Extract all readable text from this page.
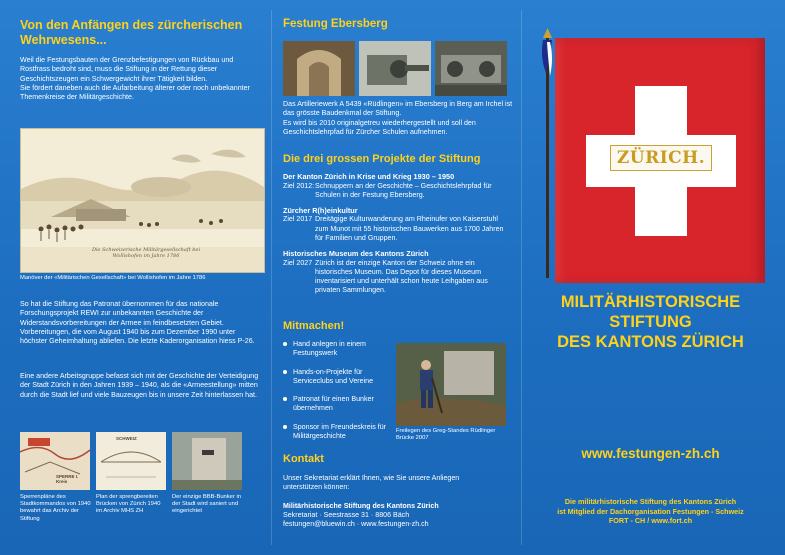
Von den Anfängen des zürcherischen Wehrwesens...

Weil die Festungsbauten der Grenzbefestigungen von Rückbau und Rostfrass bedroht sind, muss die Stiftung in der Rettung dieser Geschichtszeugen ein Schwergewicht ihrer Tätigkeit bilden.
Sie fördert daneben auch die Aufarbeitung älterer oder noch unbekannter Themenkreise der Militärgeschichte.

Die Schweizerische Militärgesellschaft bei Wollishofen im Jahre 1786
Manöver der «Militärischen Gesellschaft» bei Wollishofen im Jahre 1786

So hat die Stiftung das Patronat übernommen für das nationale Forschungsprojekt REWI zur unbekannten Geschichte der Widerstandsvorbereitungen der Armee im feindbesetzten Gebiet. Vorbereitungen, die vom August 1940 bis zum Dezember 1990 unter höchster Geheimhaltung abliefen. Die letzte Kaderorganisation hiess P-26.

Eine andere Arbeitsgruppe befasst sich mit der Geschichte der Verteidigung der Stadt Zürich in den Jahren 1939 – 1940, als die «Armeestellung» mitten durch die Stadt lief und viele Bauzeugen bis in unsere Zeit hinterlassen hat.

SPERRE I. Kreis
SCHWEIZ
Sperrenpläne des Stadtkommandos von 1940 bewahrt das Archiv der Stiftung
Plan der sprengbereiten Brücken von Zürich 1940 im Archiv MHS ZH
Der einzige BBB-Bunker in der Stadt wird saniert und eingerichtet
Festung Ebersberg

Das Artilleriewerk A 5439 «Rüdlingen» im Ebersberg in Berg am Irchel ist das grösste Baudenkmal der Stiftung.
Es wird bis 2010 originalgetreu wiederhergestellt und soll den Geschichtslehrpfad für Zürcher Schulen aufnehmen.

Die drei grossen Projekte der Stiftung
Der Kanton Zürich in Krise und Krieg 1930 – 1950
Ziel 2012: Schnuppern an der Geschichte – Geschichtslehrpfad für Schulen in der Festung Ebersberg.
Zürcher R(h)einkultur
Ziel 2017 Dreitägige Kulturwanderung am Rheinufer von Kaiserstuhl zum Munot mit 55 historischen Bauwerken aus 1700 Jahren für Familien und Gruppen.
Historisches Museum des Kantons Zürich
Ziel 2027 Zürich ist der einzige Kanton der Schweiz ohne ein historisches Museum. Das Depot für dieses Museum inventarisiert und unterhält schon heute Leihgaben aus privaten Sammlungen.
Mitmachen!
Hand anlegen in einem Festungswerk
Hands-on-Projekte für Serviceclubs und Vereine
Patronat für einen Bunker übernehmen
Sponsor im Freundeskreis für Militärgeschichte
Freilegen des Greg-Standes Rüdlinger Brücke 2007
Kontakt

Unser Sekretariat erklärt Ihnen, wie Sie unsere Anliegen unterstützen können:

Militärhistorische Stiftung des Kantons Zürich
Sekretariat · Seestrasse 31 · 8806 Bäch
festungen@bluewin.ch · www.festungen-zh.ch
ZÜRICH.
MILITÄRHISTORISCHE
STIFTUNG
DES KANTONS ZÜRICH
www.festungen-zh.ch
Die militärhistorische Stiftung des Kantons Zürich
ist Mitglied der Dachorganisation Festungen - Schweiz
FORT - CH / www.fort.ch
